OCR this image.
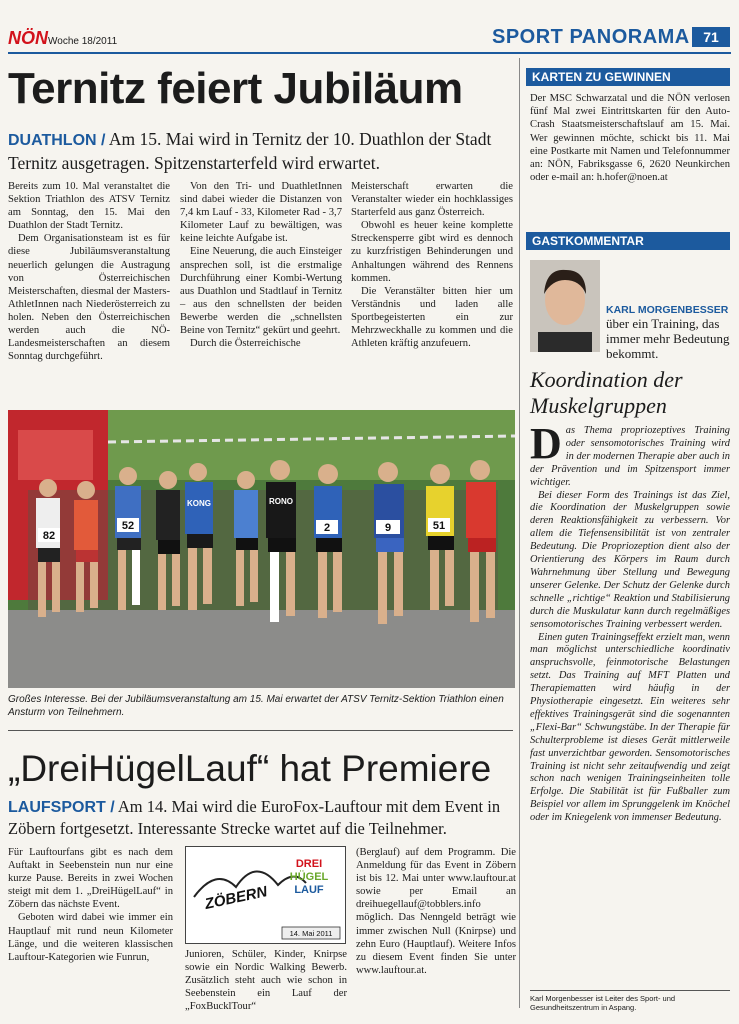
NÖN Woche 18/2011	SPORT PANORAMA 71
Ternitz feiert Jubiläum
DUATHLON / Am 15. Mai wird in Ternitz der 10. Duathlon der Stadt Ternitz ausgetragen. Spitzenstarterfeld wird erwartet.

Bereits zum 10. Mal veranstaltet die Sektion Triathlon des ATSV Ternitz am Sonntag, den 15. Mai den Duathlon der Stadt Ternitz.

Dem Organisationsteam ist es für diese Jubiläumsveranstaltung neuerlich gelungen die Austragung von Österreichischen Meisterschaften, diesmal der Masters-AthletInnen nach Niederösterreich zu holen. Neben den Österreichischen werden auch die NÖ-Landesmeisterschaften an diesem Sonntag durchgeführt.

Von den Tri- und DuathletInnen sind dabei wieder die Distanzen von 7,4 km Lauf - 33, Kilometer Rad - 3,7 Kilometer Lauf zu bewältigen, was keine leichte Aufgabe ist.

Eine Neuerung, die auch Einsteiger ansprechen soll, ist die erstmalige Durchführung einer Kombi-Wertung aus Duathlon und Stadtlauf in Ternitz – aus den schnellsten der beiden Bewerbe werden die „schnellsten Beine von Ternitz“ gekürt und geehrt.

Durch die Österreichische

Meisterschaft erwarten die Veranstalter wieder ein hochklassiges Starterfeld aus ganz Österreich.

Obwohl es heuer keine komplette Streckensperre gibt wird es dennoch zu kurzfristigen Behinderungen und Anhaltungen während des Rennens kommen.

Die Veranstälter bitten hier um Verständnis und laden alle Sportbegeisterten ein zur Mehrzweckhalle zu kommen und die Athleten kräftig anzufeuern.

82
52	2	9	51
KONG	RONO
Großes Interesse. Bei der Jubiläumsveranstaltung am 15. Mai erwartet der ATSV Ternitz-Sektion Triathlon einen Ansturm von Teilnehmern.
„DreiHügelLauf“ hat Premiere
LAUFSPORT / Am 14. Mai wird die EuroFox-Lauftour mit dem Event in Zöbern fortgesetzt. Interessante Strecke wartet auf die Teilnehmer.

Für Lauftourfans gibt es nach dem Auftakt in Seebenstein nun nur eine kurze Pause. Bereits in zwei Wochen steigt mit dem 1. „DreiHügelLauf“ in Zöbern das nächste Event.

Geboten wird dabei wie immer ein Hauptlauf mit rund neun Kilometer Länge, und die weiteren klassischen Lauftour-Kategorien wie Funrun,

ZÖBERN
DREI
HÜGEL
LAUF
14. Mai 2011

Junioren, Schüler, Kinder, Knirpse sowie ein Nordic Walking Bewerb. Zusätzlich steht auch wie schon in Seebenstein ein Lauf der „FoxBucklTour“

(Berglauf) auf dem Programm. Die Anmeldung für das Event in Zöbern ist bis 12. Mai unter www.lauftour.at sowie per Email an dreihuegellauf@tobblers.info möglich. Das Nenngeld beträgt wie immer zwischen Null (Knirpse) und zehn Euro (Hauptlauf). Weitere Infos zu diesem Event finden Sie unter www.lauftour.at.

KARTEN ZU GEWINNEN
Der MSC Schwarzatal und die NÖN verlosen fünf Mal zwei Eintrittskarten für den Auto-Crash Staatsmeisterschaftslauf am 15. Mai. Wer gewinnen möchte, schickt bis 11. Mai eine Postkarte mit Namen und Telefonnummer an: NÖN, Fabriksgasse 6, 2620 Neunkirchen oder e-mail an: h.hofer@noen.at
GASTKOMMENTAR
KARL MORGENBESSER
über ein Training, das immer mehr Bedeutung bekommt.
Koordination der Muskelgruppen

Das Thema propriozeptives Training oder sensomotorisches Training wird in der modernen Therapie aber auch in der Prävention und im Spitzensport immer wichtiger.

Bei dieser Form des Trainings ist das Ziel, die Koordination der Muskelgruppen sowie deren Reaktionsfähigkeit zu verbessern. Vor allem die Tiefensensibilität ist von zentraler Bedeutung. Die Propriozeption dient also der Orientierung des Körpers im Raum durch Wahrnehmung über Stellung und Bewegung unserer Gelenke. Der Schutz der Gelenke durch schnelle „richtige“ Reaktion und Stabilisierung durch die Muskulatur kann durch regelmäßiges sensomotorisches Training verbessert werden.

Einen guten Trainingseffekt erzielt man, wenn man möglichst unterschiedliche koordinativ anspruchsvolle, feinmotorische Belastungen setzt. Das Training auf MFT Platten und Therapiematten wird häufig in der Physiotherapie eingesetzt. Ein weiteres sehr effektives Trainingsgerät sind die sogenannten „Flexi-Bar“ Schwungstäbe. In der Therapie für Schulterprobleme ist dieses Gerät mittlerweile fast unverzichtbar geworden. Sensomotorisches Training ist nicht sehr zeitaufwendig und zeigt schon nach wenigen Trainingseinheiten tolle Erfolge. Die Stabilität ist für Fußballer zum Beispiel vor allem im Sprunggelenk im Knöchel oder im Kniegelenk von immenser Bedeutung.

Karl Morgenbesser ist Leiter des Sport- und Gesundheitszentrum in Aspang.
